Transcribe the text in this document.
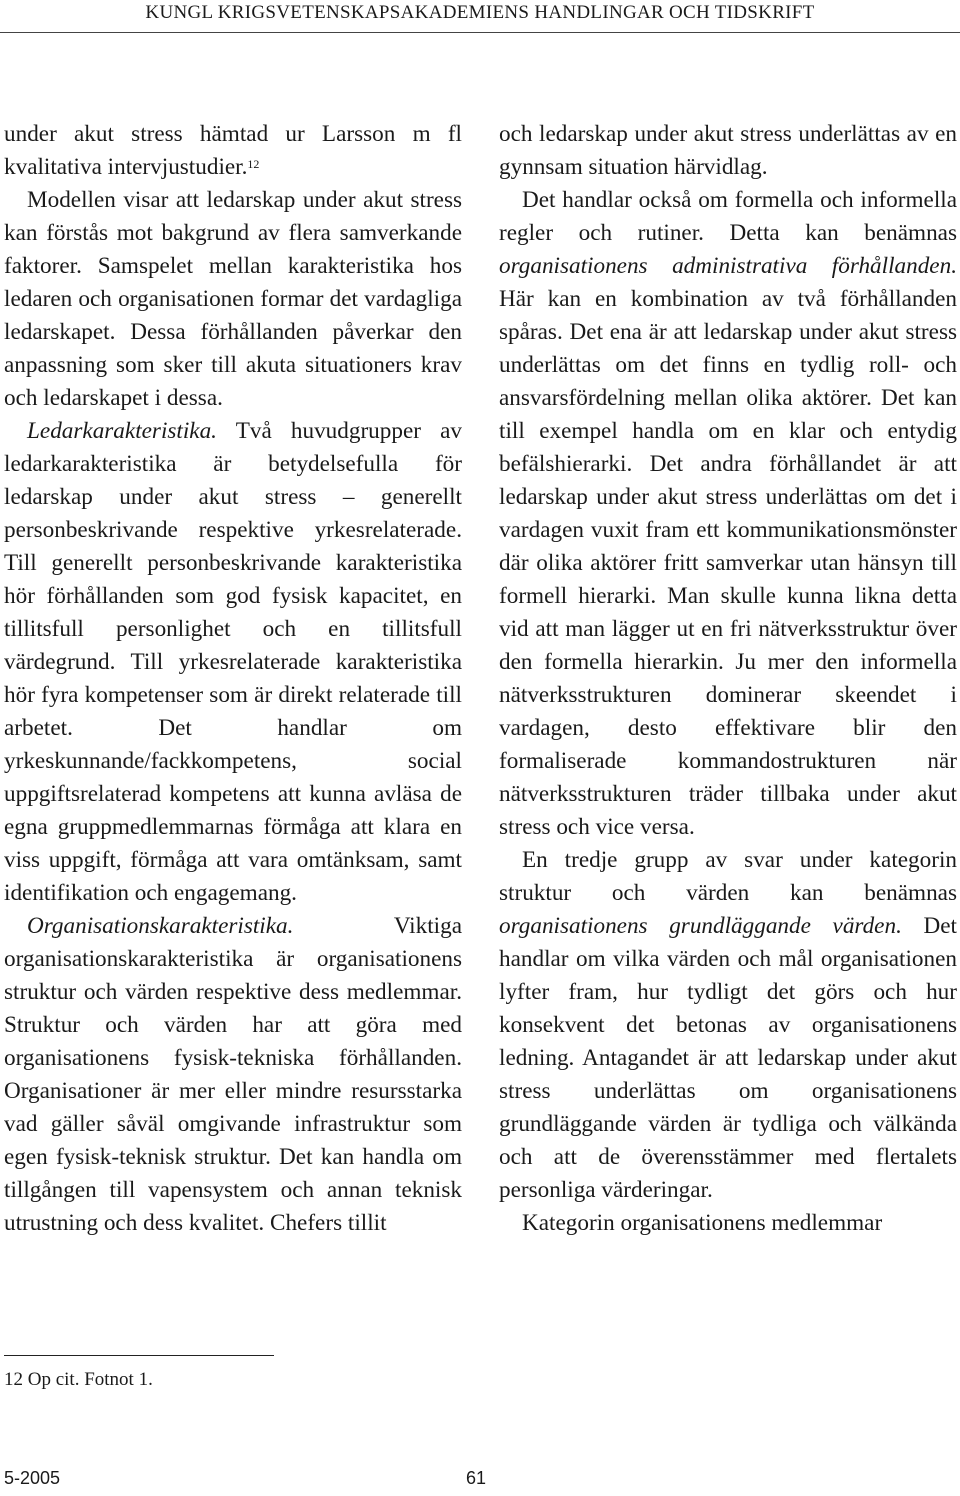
KUNGL KRIGSVETENSKAPSAKADEMIENS HANDLINGAR OCH TIDSKRIFT

under akut stress hämtad ur Larsson m fl kvalitativa intervjustudier.$^{12}$

Modellen visar att ledarskap under akut stress kan förstås mot bakgrund av flera samverkande faktorer. Samspelet mellan karakteristika hos ledaren och organisationen formar det vardagliga ledarskapet. Dessa förhållanden påverkar den anpassning som sker till akuta situationers krav och ledarskapet i dessa.

Ledarkarakteristika. Två huvudgrupper av ledarkarakteristika är betydelsefulla för ledarskap under akut stress – generellt personbeskrivande respektive yrkesrelaterade. Till generellt personbeskrivande karakteristika hör förhållanden som god fysisk kapacitet, en tillitsfull personlighet och en tillitsfull värdegrund. Till yrkesrelaterade karakteristika hör fyra kompetenser som är direkt relaterade till arbetet. Det handlar om yrkeskunnande/fackkompetens, social uppgiftsrelaterad kompetens att kunna avläsa de egna gruppmedlemmarnas förmåga att klara en viss uppgift, förmåga att vara omtänksam, samt identifikation och engagemang.

Organisationskarakteristika. Viktiga organisationskarakteristika är organisationens struktur och värden respektive dess medlemmar. Struktur och värden har att göra med organisationens fysisk-tekniska förhållanden. Organisationer är mer eller mindre resursstarka vad gäller såväl omgivande infrastruktur som egen fysisk-teknisk struktur. Det kan handla om tillgången till vapensystem och annan teknisk utrustning och dess kvalitet. Chefers tillit

och ledarskap under akut stress underlättas av en gynnsam situation härvidlag.

Det handlar också om formella och informella regler och rutiner. Detta kan benämnas organisationens administrativa förhållanden. Här kan en kombination av två förhållanden spåras. Det ena är att ledarskap under akut stress underlättas om det finns en tydlig roll- och ansvarsfördelning mellan olika aktörer. Det kan till exempel handla om en klar och entydig befälshierarki. Det andra förhållandet är att ledarskap under akut stress underlättas om det i vardagen vuxit fram ett kommunikationsmönster där olika aktörer fritt samverkar utan hänsyn till formell hierarki. Man skulle kunna likna detta vid att man lägger ut en fri nätverksstruktur över den formella hierarkin. Ju mer den informella nätverksstrukturen dominerar skeendet i vardagen, desto effektivare blir den formaliserade kommandostrukturen när nätverksstrukturen träder tillbaka under akut stress och vice versa.

En tredje grupp av svar under kategorin struktur och värden kan benämnas organisationens grundläggande värden. Det handlar om vilka värden och mål organisationen lyfter fram, hur tydligt det görs och hur konsekvent det betonas av organisationens ledning. Antagandet är att ledarskap under akut stress underlättas om organisationens grundläggande värden är tydliga och välkända och att de överensstämmer med flertalets personliga värderingar.

Kategorin organisationens medlemmar

12 Op cit. Fotnot 1.
5-2005	61
